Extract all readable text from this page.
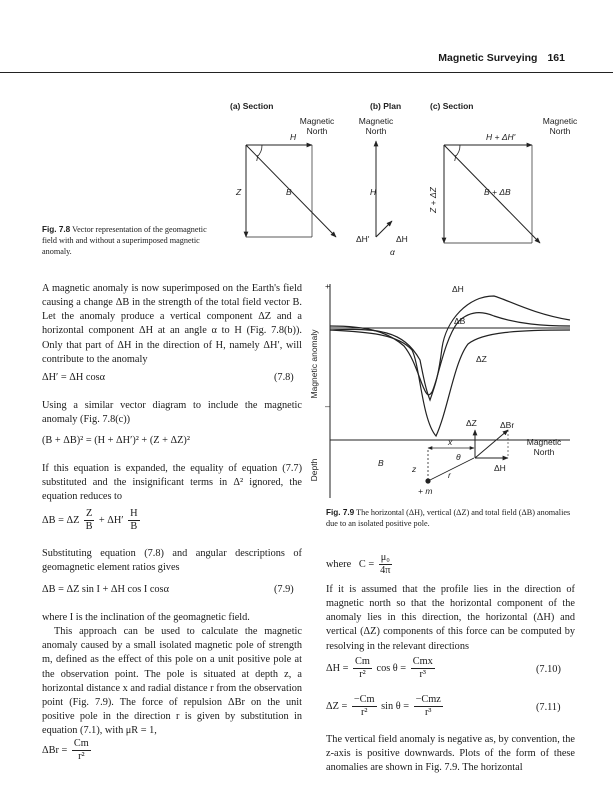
Magnetic Surveying 161
(a) Section	(b) Plan	(c) Section
Magnetic
North
H
I
Z	B
Magnetic
North
H
ΔH'	ΔH
α
Magnetic
North
H + ΔH'
I
Z + ΔZ	B + ΔB
Fig. 7.8 Vector representation of the geomagnetic field with and without a superimposed magnetic anomaly.

A magnetic anomaly is now superimposed on the Earth's field causing a change ΔB in the strength of the total field vector B. Let the anomaly produce a vertical component ΔZ and a horizontal component ΔH at an angle α to H (Fig. 7.8(b)). Only that part of ΔH in the direction of H, namely ΔH′, will contribute to the anomaly

ΔH′ = ΔH cosα	(7.8)

Using a similar vector diagram to include the magnetic anomaly (Fig. 7.8(c))

(B + ΔB)² = (H + ΔH′)² + (Z + ΔZ)²

If this equation is expanded, the equality of equation (7.7) substituted and the insignificant terms in Δ² ignored, the equation reduces to

ΔB = ΔZ $\frac{Z}{B} + \Delta H' \frac{H}{B}$

Substituting equation (7.8) and angular descriptions of geomagnetic element ratios gives

ΔB = ΔZ sin I + ΔH cos I cosα	(7.9)

where I is the inclination of the geomagnetic field.

This approach can be used to calculate the magnetic anomaly caused by a small isolated magnetic pole of strength m, defined as the effect of this pole on a unit positive pole at the observation point. The pole is situated at depth z, a horizontal distance x and radial distance r from the observation point (Fig. 7.9). The force of repulsion ΔBr on the unit positive pole in the direction r is given by substitution in equation (7.1), with μR = 1,

$\Delta Br = \frac{Cm}{\text{r²}}$
Magnetic anomaly
Depth
+
–
ΔH
ΔB
ΔZ
ΔZ	ΔBr
ΔH
x
z
r
θ
B
+ m
Magnetic
North
Fig. 7.9 The horizontal (ΔH), vertical (ΔZ) and total field (ΔB) anomalies due to an isolated positive pole.
where $C = \frac{\text{μ₀}}{4\pi}$

If it is assumed that the profile lies in the direction of magnetic north so that the horizontal component of the anomaly lies in this direction, the horizontal (ΔH) and vertical (ΔZ) components of this force can be computed by resolving in the relevant directions

$\Delta H = \frac{Cm}{\text{r²}}$ $\cos \theta = \frac{\text{Cmx}}{\text{r³}}$	(7.10)
$\Delta Z = \frac{-Cm}{\text{r²}}$ $\sin \theta = \frac{\text{−Cmz}}{\text{r³}}$	(7.11)

The vertical field anomaly is negative as, by convention, the z-axis is positive downwards. Plots of the form of these anomalies are shown in Fig. 7.9. The horizontal
